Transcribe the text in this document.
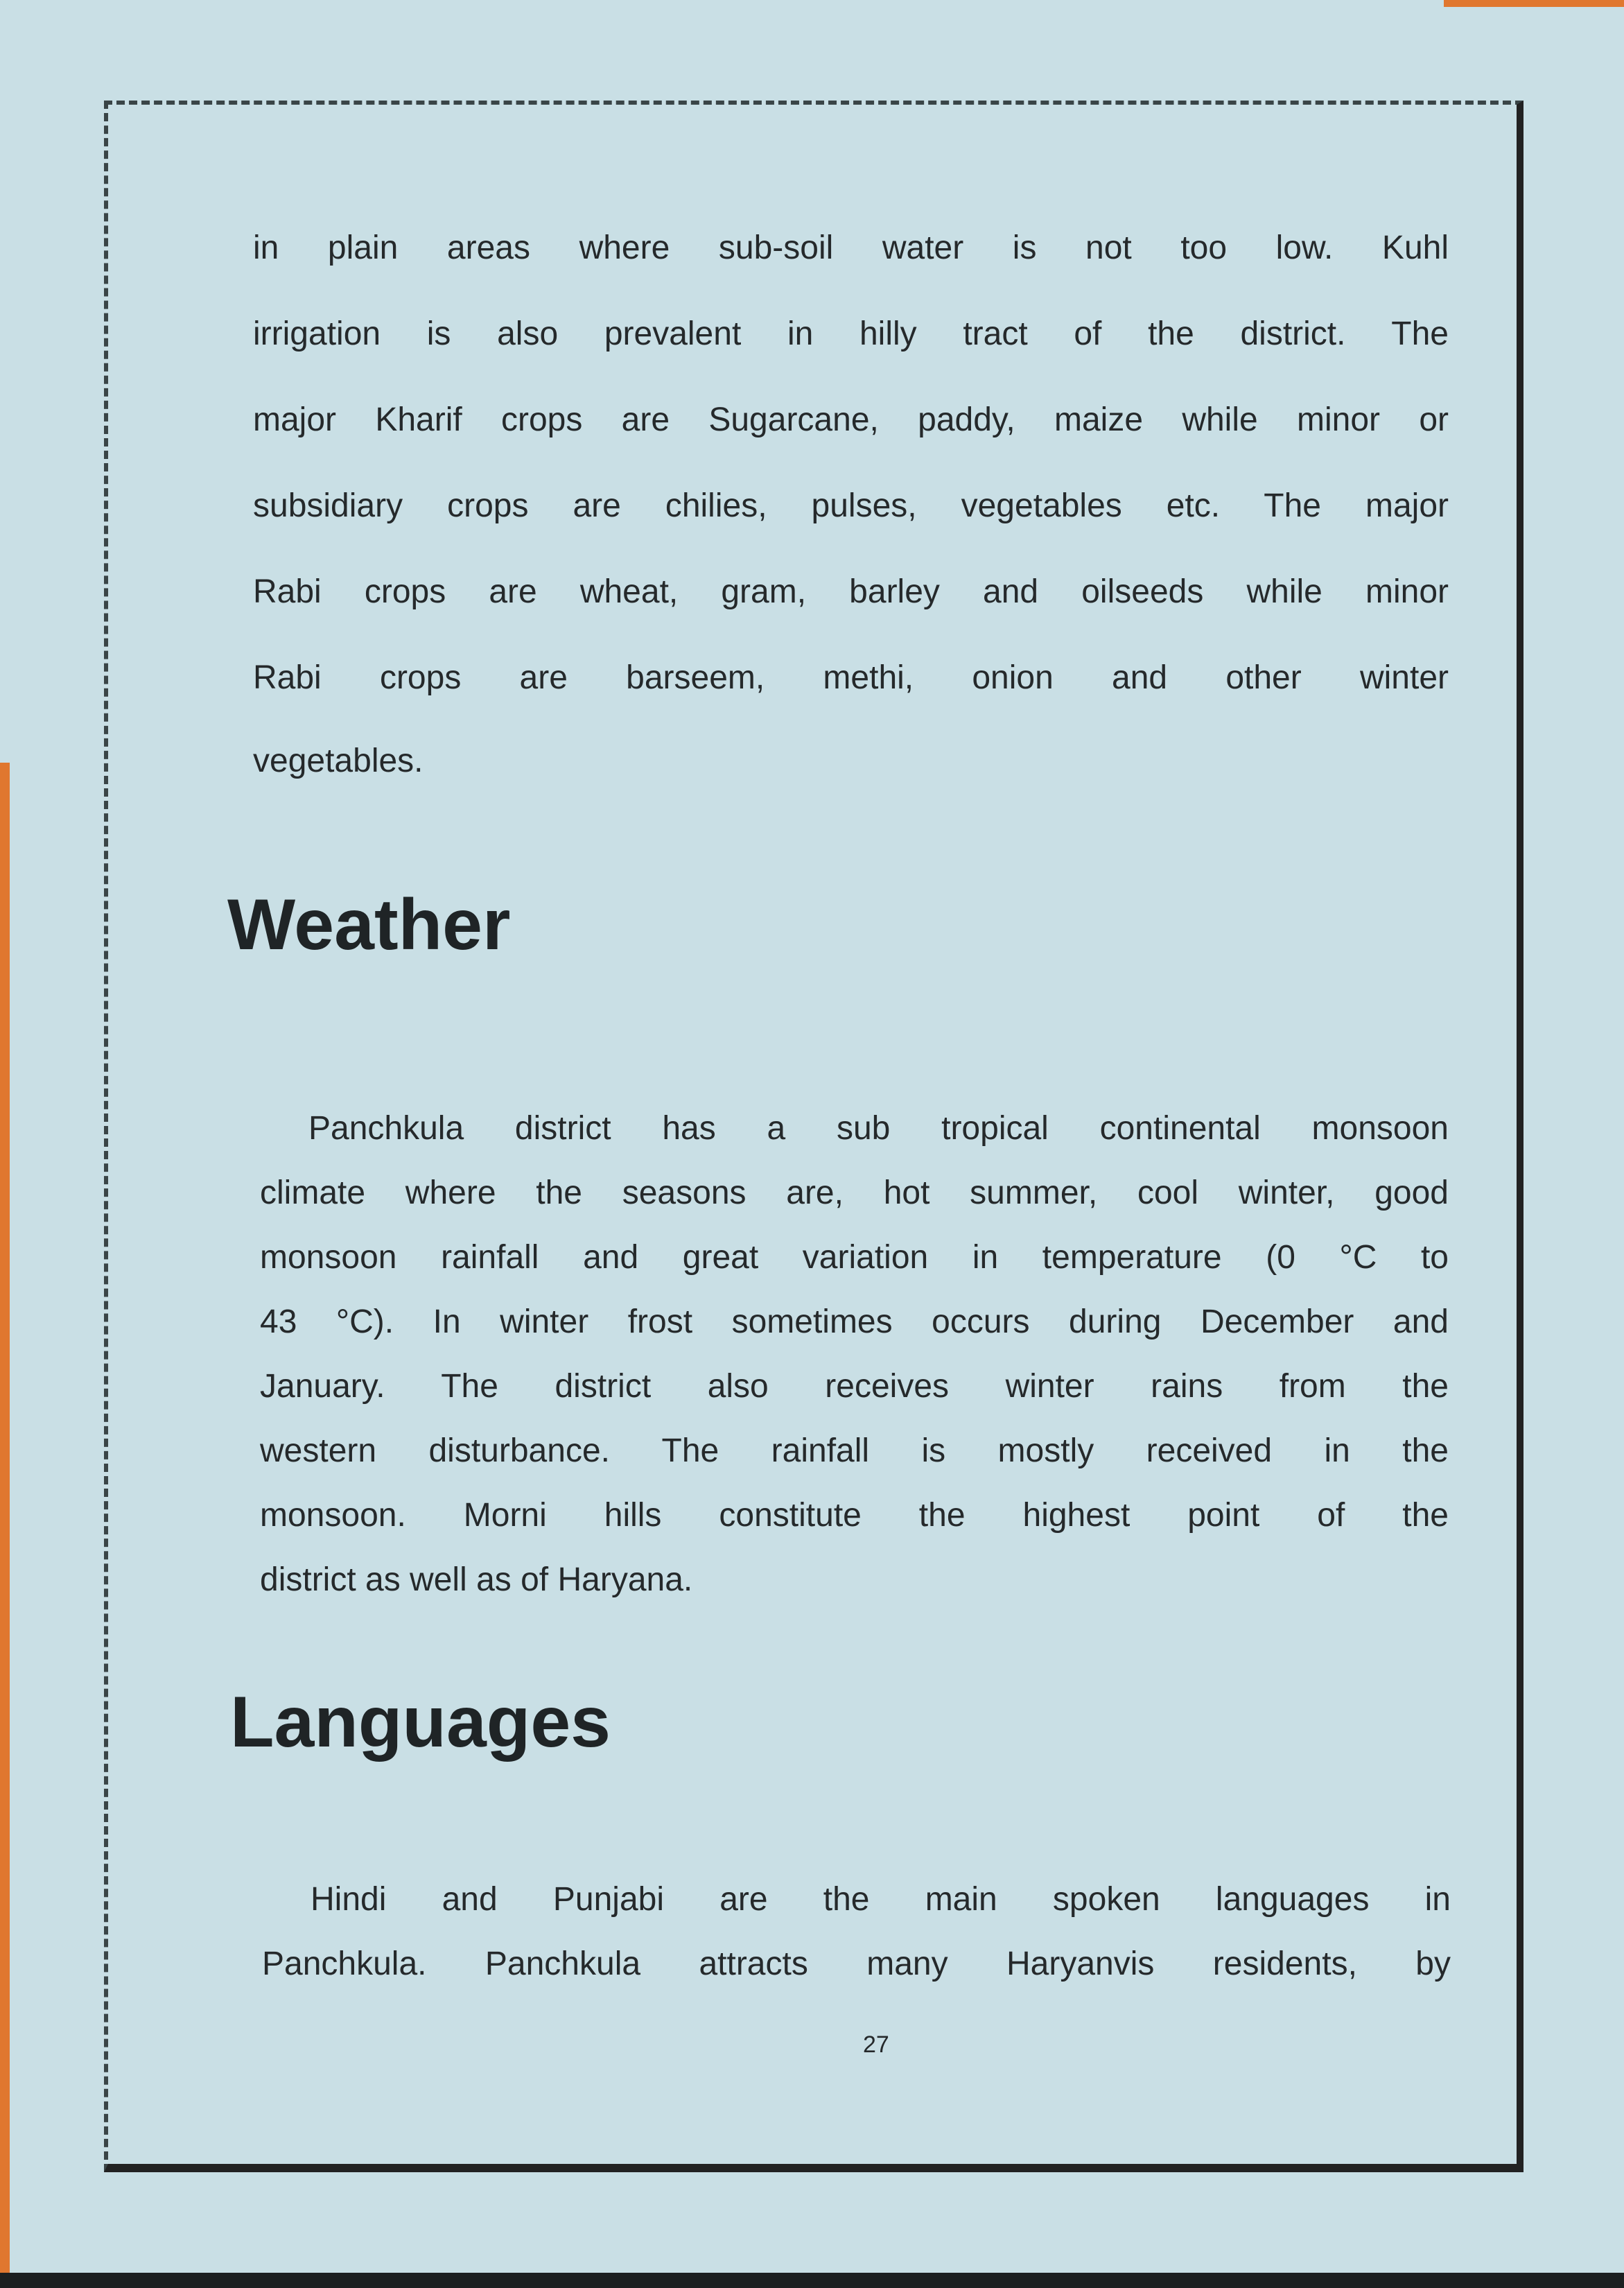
in plain areas where sub-soil water is not too low. Kuhl
irrigation is also prevalent in hilly tract of the district. The
major Kharif crops are Sugarcane, paddy, maize while minor or
subsidiary crops are chilies, pulses, vegetables etc. The major
Rabi crops are wheat, gram, barley and oilseeds while minor
Rabi crops are barseem, methi, onion and other winter
vegetables.
Weather
Panchkula district has a sub tropical continental monsoon
climate where the seasons are, hot summer, cool winter, good
monsoon rainfall and great variation in temperature (0 °C to
43 °C). In winter frost sometimes occurs during December and
January. The district also receives winter rains from the
western disturbance. The rainfall is mostly received in the
monsoon. Morni hills constitute the highest point of the
district as well as of Haryana.
Languages
Hindi and Punjabi are the main spoken languages in
Panchkula. Panchkula attracts many Haryanvis residents, by
27
